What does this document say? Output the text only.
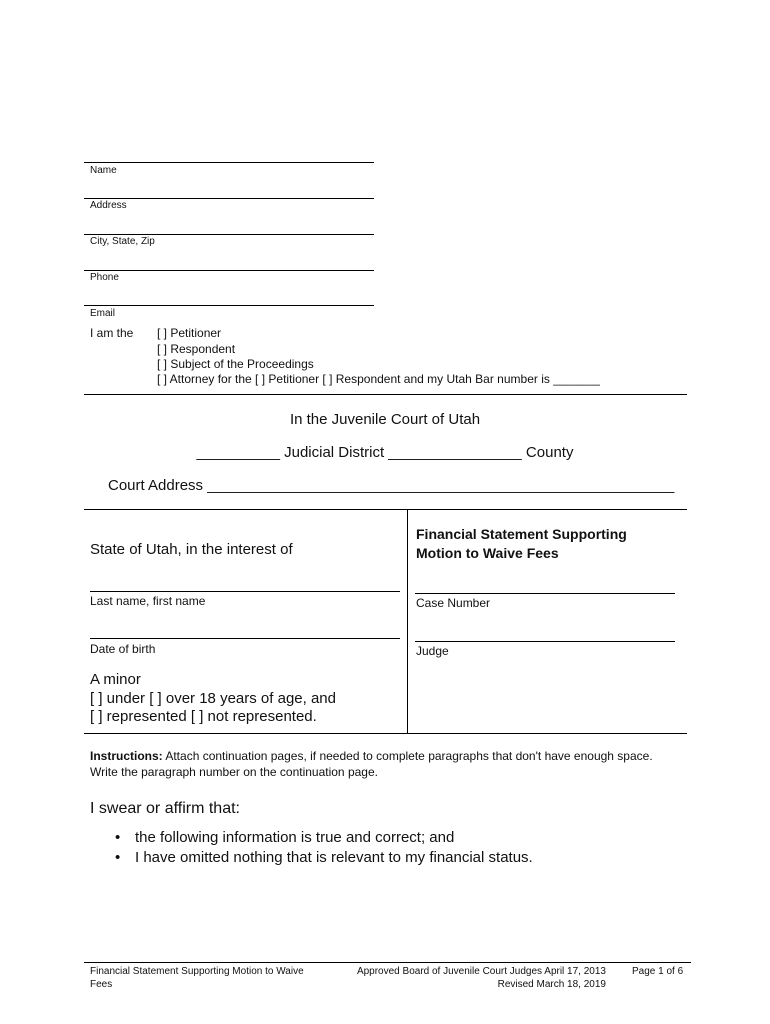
Name
Address
City, State, Zip
Phone
Email
I am the [ ] Petitioner
[ ] Respondent
[ ] Subject of the Proceedings
[ ] Attorney for the [ ] Petitioner [ ] Respondent and my Utah Bar number is _______
In the Juvenile Court of Utah
__________ Judicial District ________________ County
Court Address ________________________________________________________
State of Utah, in the interest of
Financial Statement Supporting
Motion to Waive Fees
Last name, first name	Case Number
Date of birth	Judge
A minor
[ ] under [ ] over 18 years of age, and
[ ] represented [ ] not represented.
Instructions: Attach continuation pages, if needed to complete paragraphs that don't have enough space. Write the paragraph number on the continuation page.
I swear or affirm that:
• the following information is true and correct; and
• I have omitted nothing that is relevant to my financial status.
Financial Statement Supporting Motion to Waive
Fees
Approved Board of Juvenile Court Judges April 17, 2013
Revised March 18, 2019
Page 1 of 6
